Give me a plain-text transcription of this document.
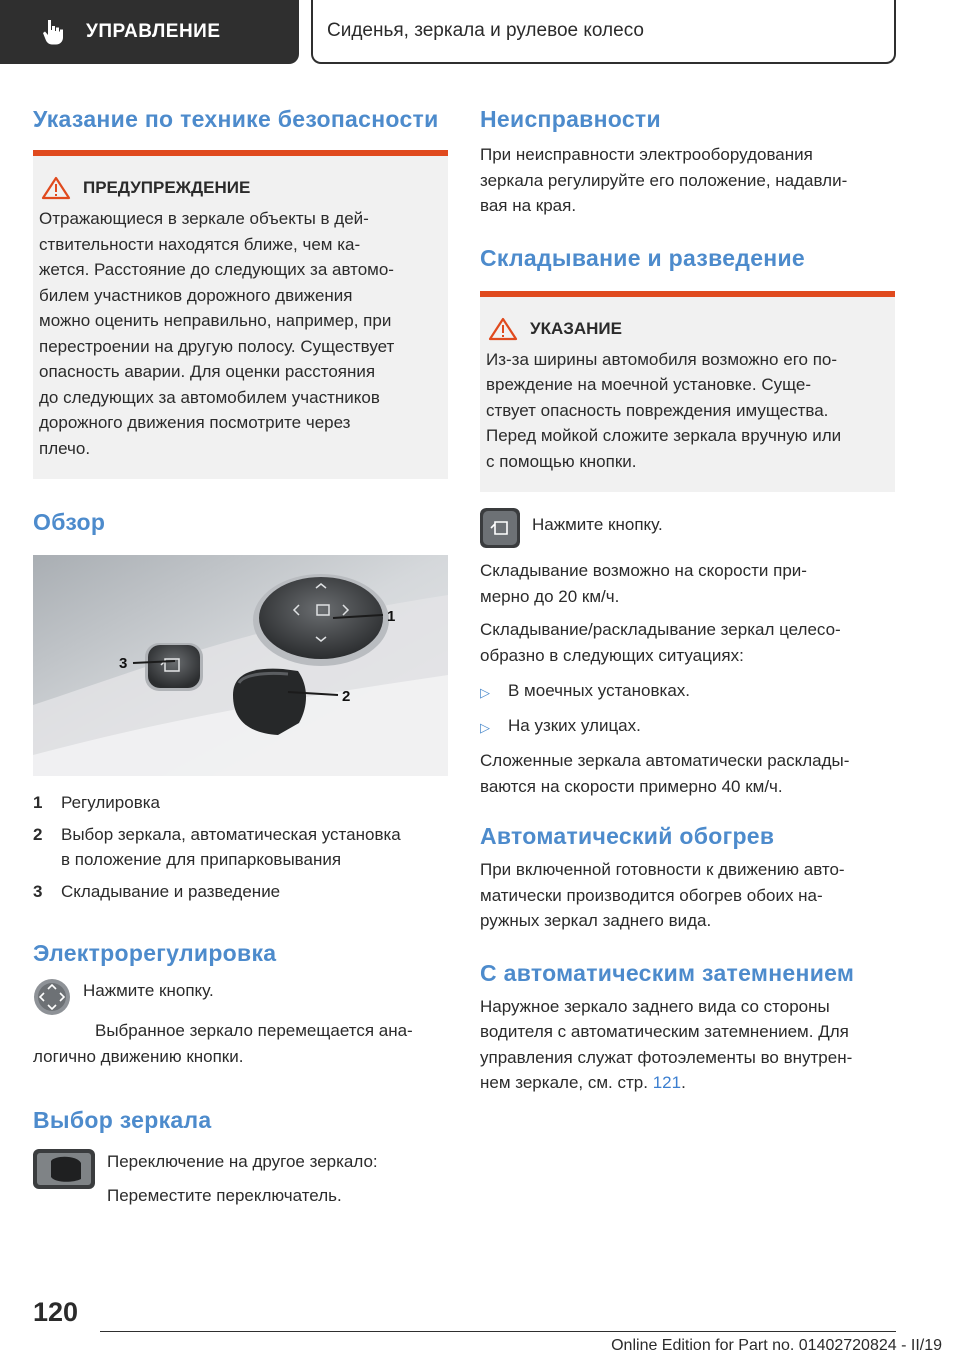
УПРАВЛЕНИЕ	Сиденья, зеркала и рулевое колесо
Указание по технике безопасности
ПРЕДУПРЕЖДЕНИЕ
Отражающиеся в зеркале объекты в дей-
ствительности находятся ближе, чем ка-
жется. Расстояние до следующих за автомо-
билем участников дорожного движения
можно оценить неправильно, например, при
перестроении на другую полосу. Существует
опасность аварии. Для оценки расстояния
до следующих за автомобилем участников
дорожного движения посмотрите через
плечо.
Обзор
1
2
3
1	Регулировка
2	Выбор зеркала, автоматическая установка
в положение для припарковывания
3	Складывание и разведение
Электрорегулировка
Нажмите кнопку.
Выбранное зеркало перемещается ана-
логично движению кнопки.
Выбор зеркала
Переключение на другое зеркало:
Переместите переключатель.
Неисправности
При неисправности электрооборудования
зеркала регулируйте его положение, надавли-
вая на края.
Складывание и разведение
УКАЗАНИЕ
Из-за ширины автомобиля возможно его по-
вреждение на моечной установке. Суще-
ствует опасность повреждения имущества.
Перед мойкой сложите зеркала вручную или
с помощью кнопки.
Нажмите кнопку.
Складывание возможно на скорости при-
мерно до 20 км/ч.
Складывание/раскладывание зеркал целесо-
образно в следующих ситуациях:
▷	В моечных установках.
▷	На узких улицах.
Сложенные зеркала автоматически расклады-
ваются на скорости примерно 40 км/ч.
Автоматический обогрев
При включенной готовности к движению авто-
матически производится обогрев обоих на-
ружных зеркал заднего вида.
С автоматическим затемнением
Наружное зеркало заднего вида со стороны
водителя с автоматическим затемнением. Для
управления служат фотоэлементы во внутрен-
нем зеркале, см. стр. 121.
120
Online Edition for Part no. 01402720824 - II/19
